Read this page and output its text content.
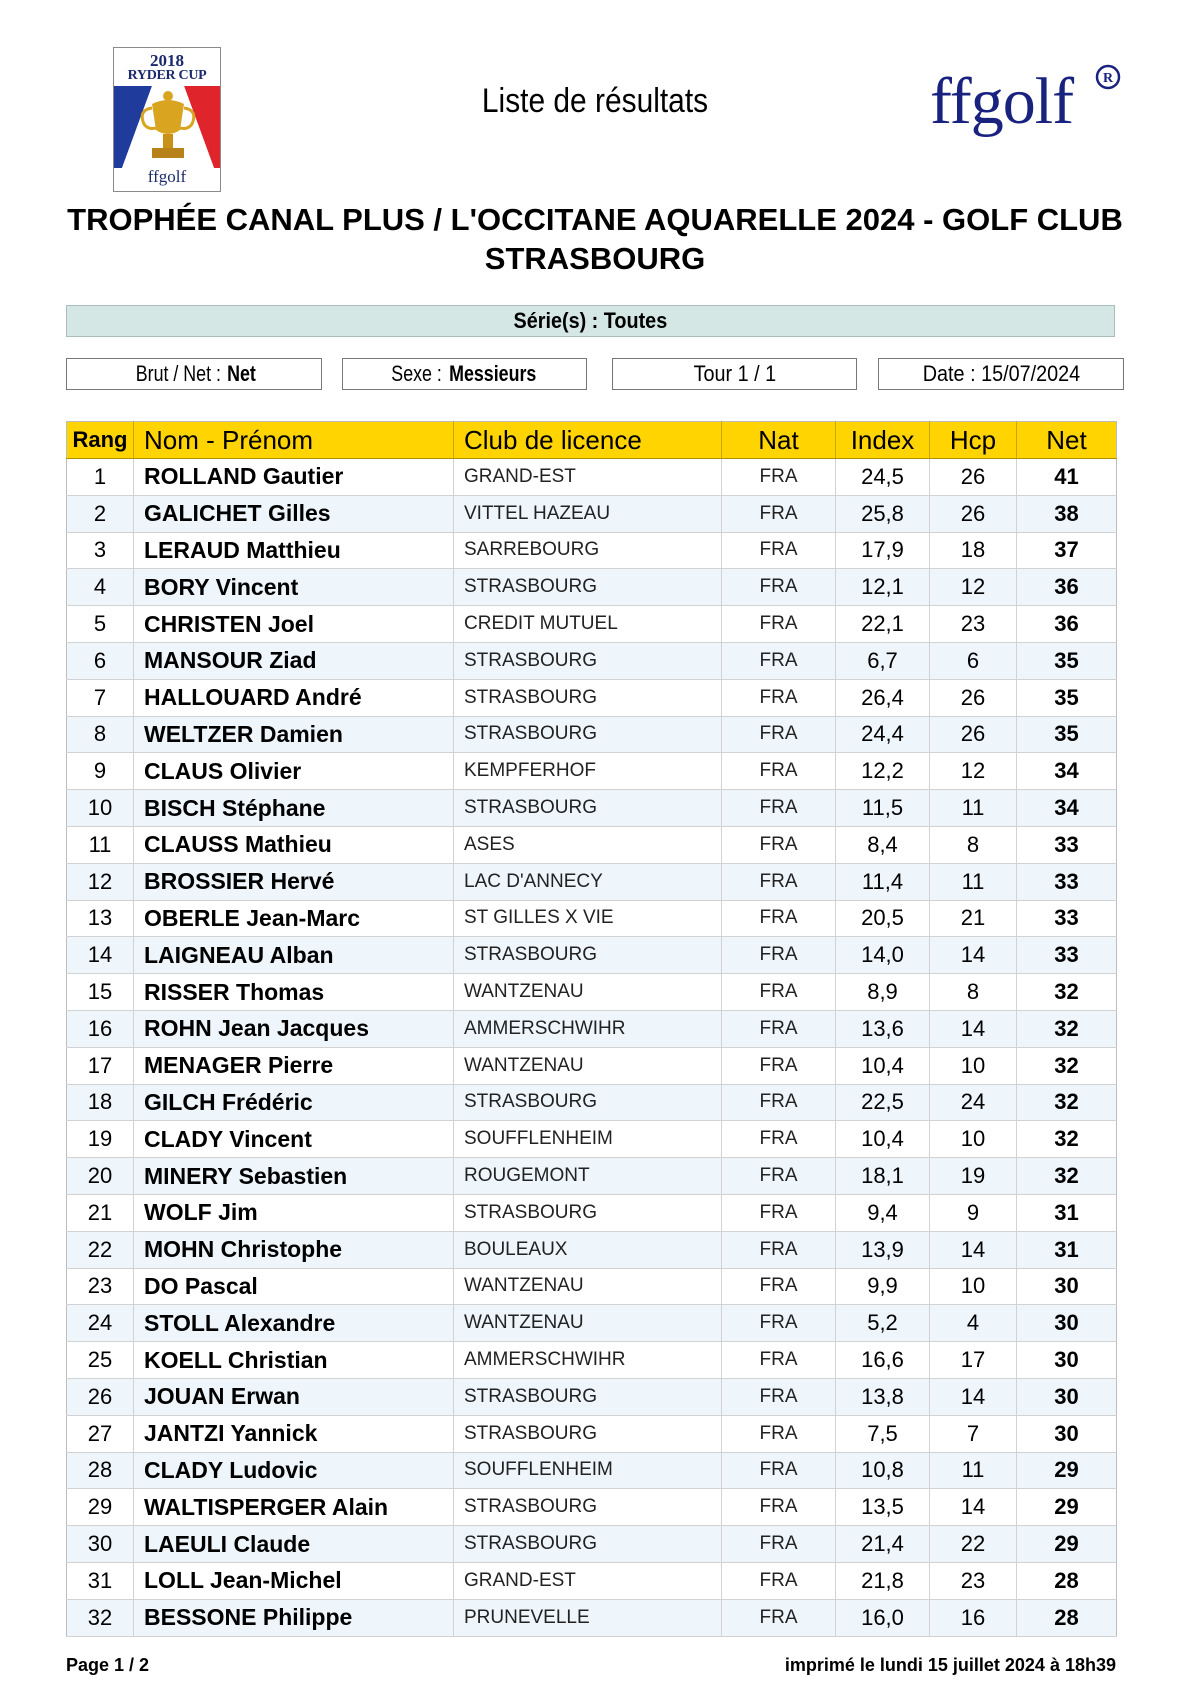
2018
RYDER CUP
ffgolf
Liste de résultats	ffgolf R
TROPHÉE CANAL PLUS / L'OCCITANE AQUARELLE 2024 - GOLF CLUB STRASBOURG
Série(s) : Toutes
Brut / Net :Net	Sexe :Messieurs	Tour 1 / 1	Date : 15/07/2024
Rang	Nom - Prénom	Club de licence	Nat	Index	Hcp	Net
1	ROLLAND Gautier	GRAND-EST	FRA	24,5	26	41
2	GALICHET Gilles	VITTEL HAZEAU	FRA	25,8	26	38
3	LERAUD Matthieu	SARREBOURG	FRA	17,9	18	37
4	BORY Vincent	STRASBOURG	FRA	12,1	12	36
5	CHRISTEN Joel	CREDIT MUTUEL	FRA	22,1	23	36
6	MANSOUR Ziad	STRASBOURG	FRA	6,7	6	35
7	HALLOUARD André	STRASBOURG	FRA	26,4	26	35
8	WELTZER Damien	STRASBOURG	FRA	24,4	26	35
9	CLAUS Olivier	KEMPFERHOF	FRA	12,2	12	34
10	BISCH Stéphane	STRASBOURG	FRA	11,5	11	34
11	CLAUSS Mathieu	ASES	FRA	8,4	8	33
12	BROSSIER Hervé	LAC D'ANNECY	FRA	11,4	11	33
13	OBERLE Jean-Marc	ST GILLES X VIE	FRA	20,5	21	33
14	LAIGNEAU Alban	STRASBOURG	FRA	14,0	14	33
15	RISSER Thomas	WANTZENAU	FRA	8,9	8	32
16	ROHN Jean Jacques	AMMERSCHWIHR	FRA	13,6	14	32
17	MENAGER Pierre	WANTZENAU	FRA	10,4	10	32
18	GILCH Frédéric	STRASBOURG	FRA	22,5	24	32
19	CLADY Vincent	SOUFFLENHEIM	FRA	10,4	10	32
20	MINERY Sebastien	ROUGEMONT	FRA	18,1	19	32
21	WOLF Jim	STRASBOURG	FRA	9,4	9	31
22	MOHN Christophe	BOULEAUX	FRA	13,9	14	31
23	DO Pascal	WANTZENAU	FRA	9,9	10	30
24	STOLL Alexandre	WANTZENAU	FRA	5,2	4	30
25	KOELL Christian	AMMERSCHWIHR	FRA	16,6	17	30
26	JOUAN Erwan	STRASBOURG	FRA	13,8	14	30
27	JANTZI Yannick	STRASBOURG	FRA	7,5	7	30
28	CLADY Ludovic	SOUFFLENHEIM	FRA	10,8	11	29
29	WALTISPERGER Alain	STRASBOURG	FRA	13,5	14	29
30	LAEULI Claude	STRASBOURG	FRA	21,4	22	29
31	LOLL Jean-Michel	GRAND-EST	FRA	21,8	23	28
32	BESSONE Philippe	PRUNEVELLE	FRA	16,0	16	28
Page 1 / 2	imprimé le lundi 15 juillet 2024 à 18h39
